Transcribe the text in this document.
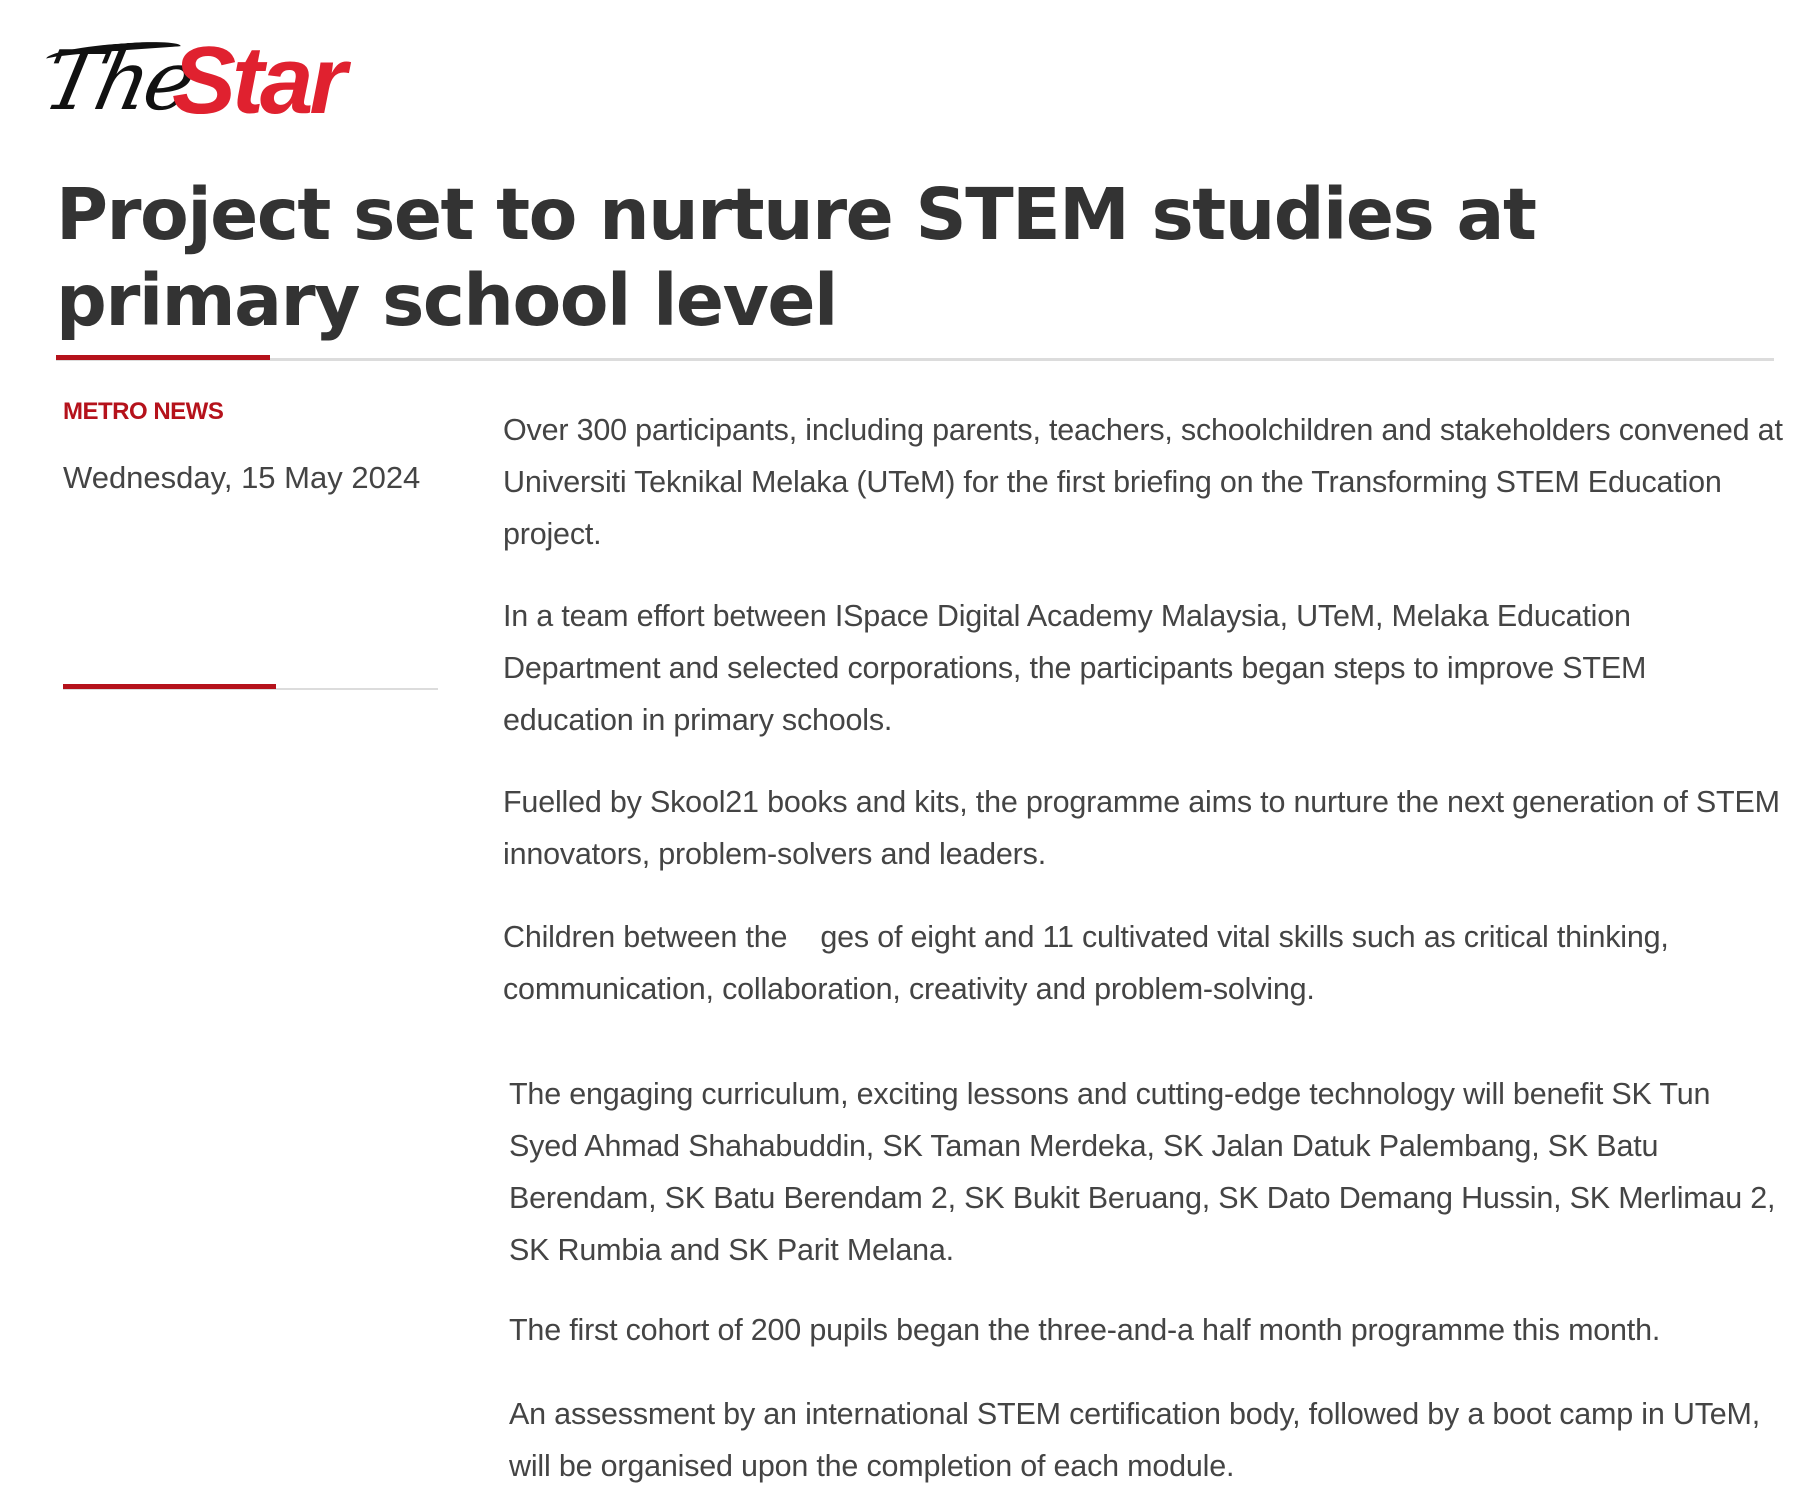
The
Star
Project set to nurture STEM studies at primary school level
METRO NEWS
Wednesday, 15 May 2024

Over 300 participants, including parents, teachers, schoolchildren and stakeholders convened at Universiti Teknikal Melaka (UTeM) for the first briefing on the Transforming STEM Education project.

In a team effort between ISpace Digital Academy Malaysia, UTeM, Melaka Education Department and selected corporations, the participants began steps to improve STEM education in primary schools.

Fuelled by Skool21 books and kits, the programme aims to nurture the next generation of STEM innovators, problem-solvers and leaders.

Children between the    ges of eight and 11 cultivated vital skills such as critical thinking, communication, collaboration, creativity and problem-solving.

The engaging curriculum, exciting lessons and cutting-edge technology will benefit SK Tun Syed Ahmad Shahabuddin, SK Taman Merdeka, SK Jalan Datuk Palembang, SK Batu Berendam, SK Batu Berendam 2, SK Bukit Beruang, SK Dato Demang Hussin, SK Merlimau 2, SK Rumbia and SK Parit Melana.

The first cohort of 200 pupils began the three-and-a half month programme this month.

An assessment by an international STEM certification body, followed by a boot camp in UTeM, will be organised upon the completion of each module.
